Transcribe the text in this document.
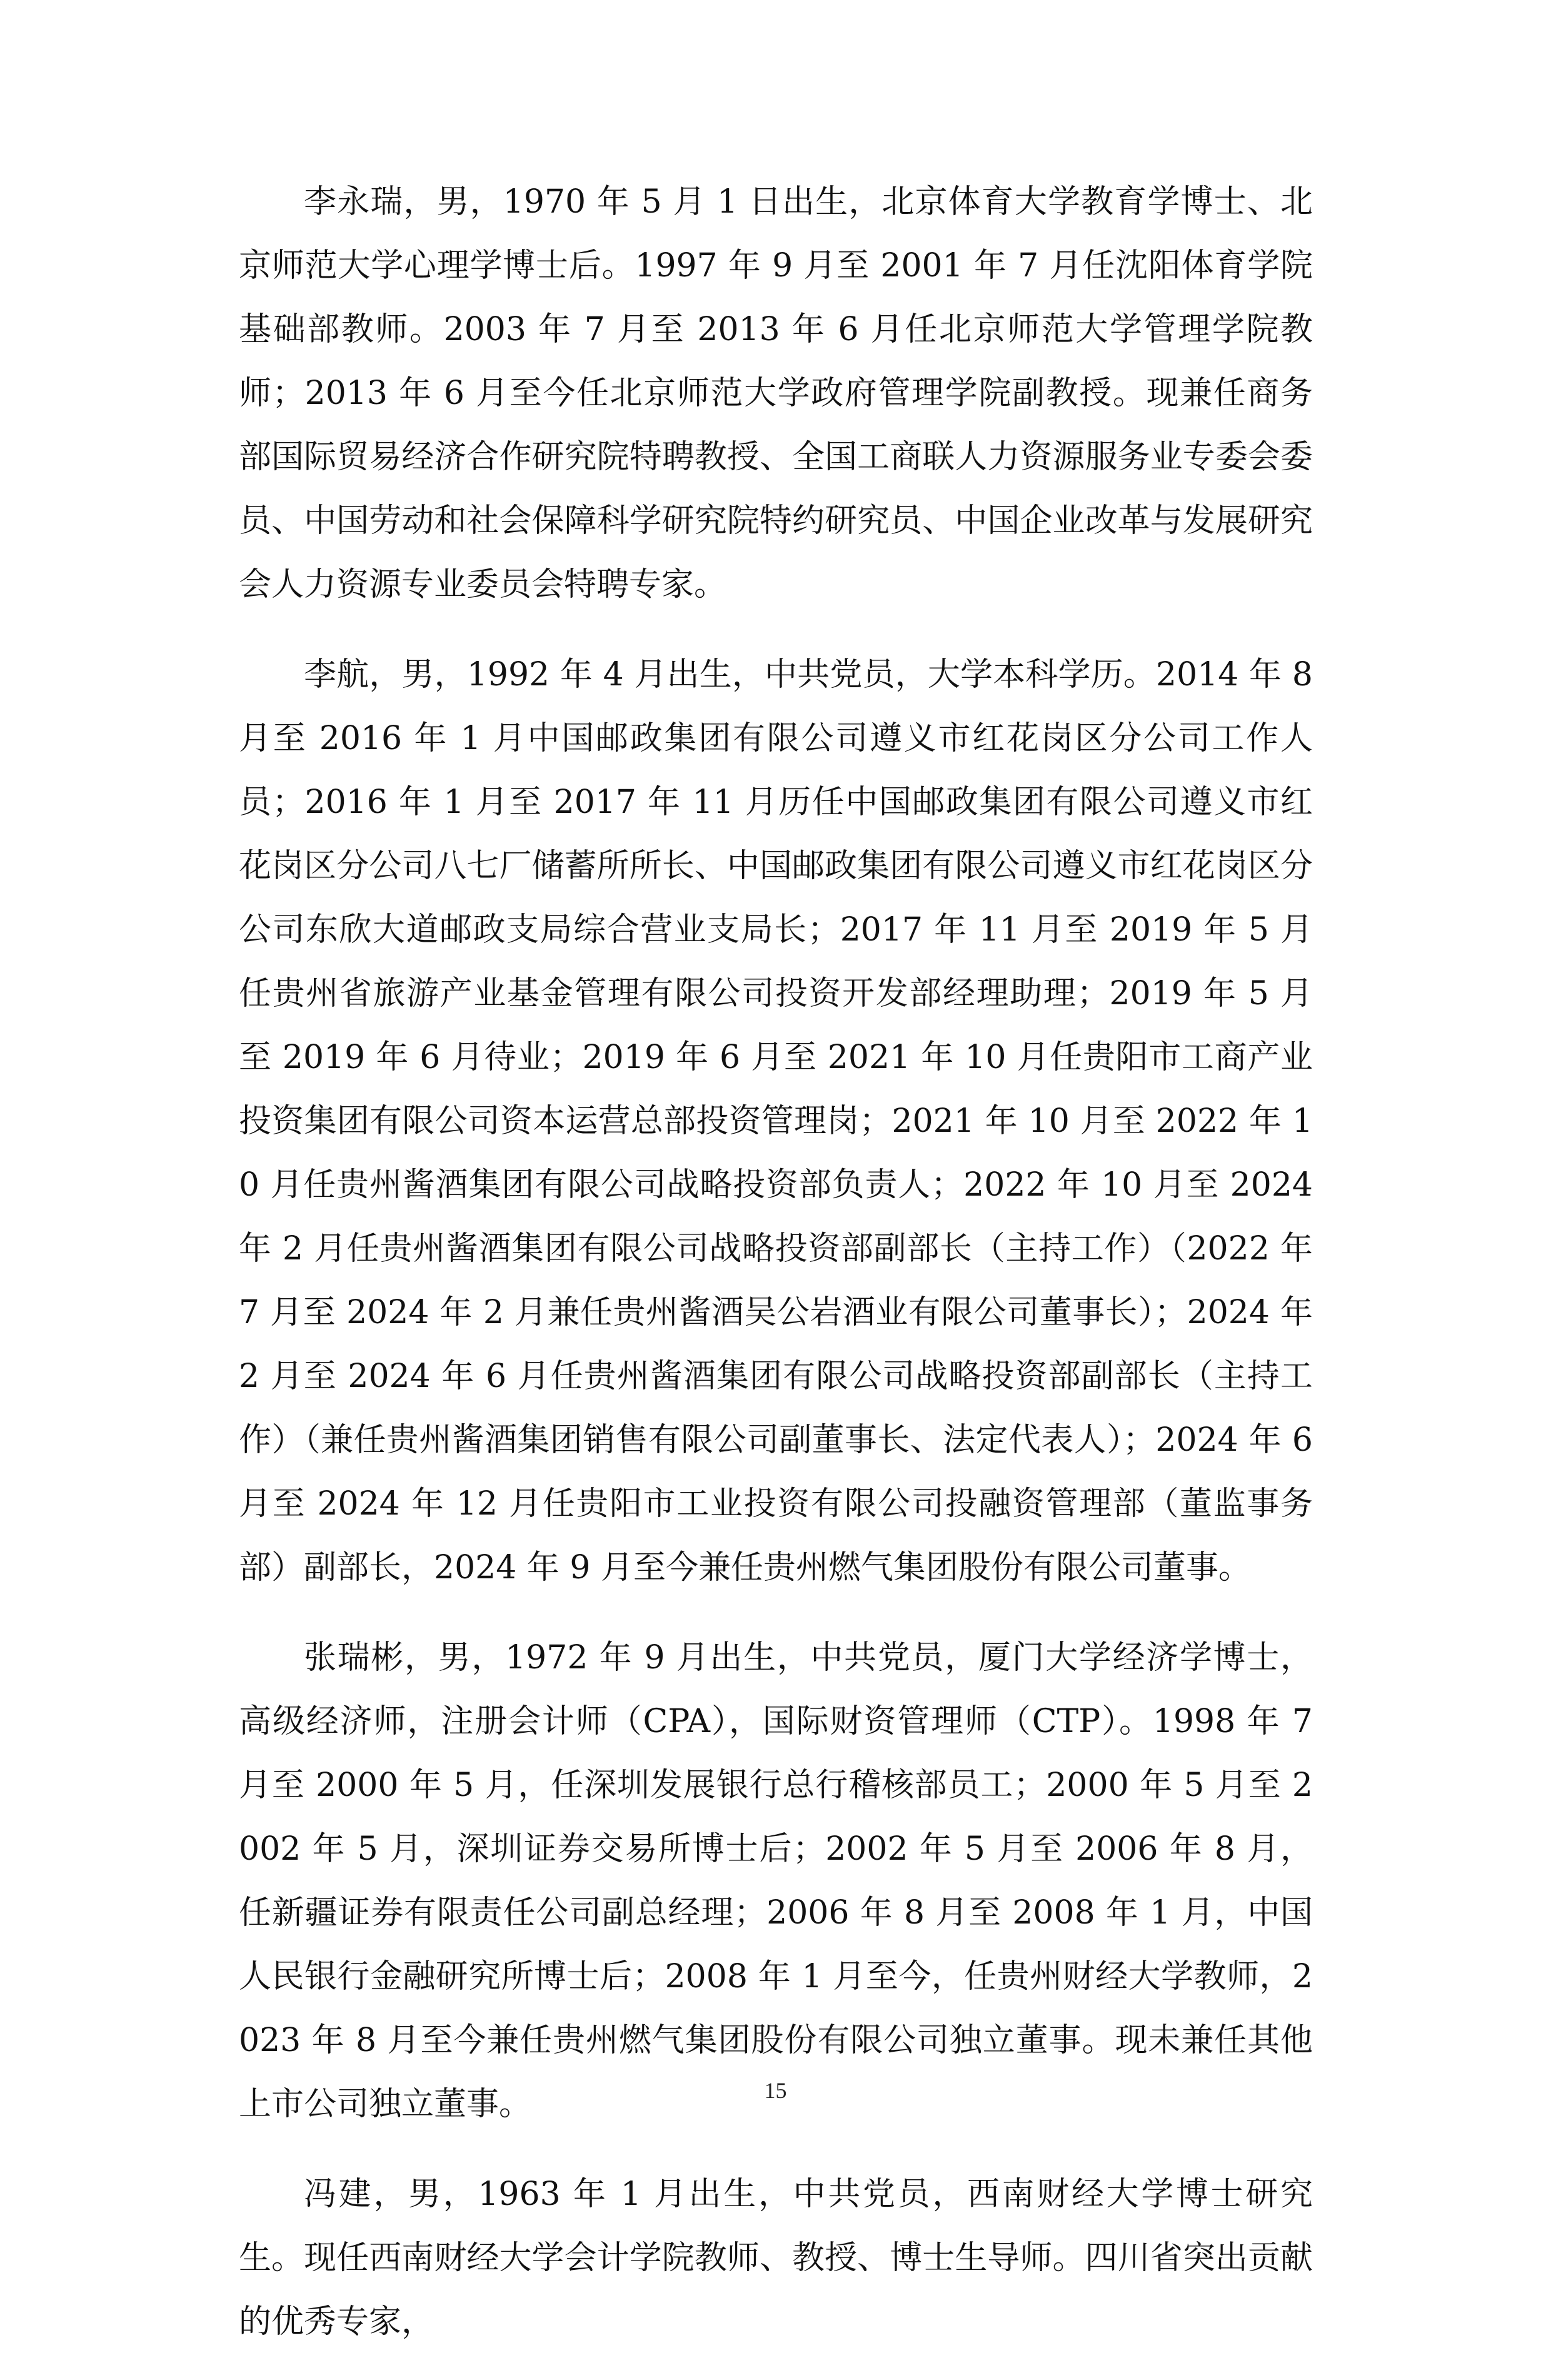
李永瑞，男，1970 年 5 月 1 日出生，北京体育大学教育学博士、北京师范大学心理学博士后。1997 年 9 月至 2001 年 7 月任沈阳体育学院基础部教师。2003 年 7 月至 2013 年 6 月任北京师范大学管理学院教师；2013 年 6 月至今任北京师范大学政府管理学院副教授。现兼任商务部国际贸易经济合作研究院特聘教授、全国工商联人力资源服务业专委会委员、中国劳动和社会保障科学研究院特约研究员、中国企业改革与发展研究会人力资源专业委员会特聘专家。

李航，男，1992 年 4 月出生，中共党员，大学本科学历。2014 年 8 月至 2016 年 1 月中国邮政集团有限公司遵义市红花岗区分公司工作人员；2016 年 1 月至 2017 年 11 月历任中国邮政集团有限公司遵义市红花岗区分公司八七厂储蓄所所长、中国邮政集团有限公司遵义市红花岗区分公司东欣大道邮政支局综合营业支局长；2017 年 11 月至 2019 年 5 月任贵州省旅游产业基金管理有限公司投资开发部经理助理；2019 年 5 月至 2019 年 6 月待业；2019 年 6 月至 2021 年 10 月任贵阳市工商产业投资集团有限公司资本运营总部投资管理岗；2021 年 10 月至 2022 年 10 月任贵州酱酒集团有限公司战略投资部负责人；2022 年 10 月至 2024 年 2 月任贵州酱酒集团有限公司战略投资部副部长（主持工作）（2022 年 7 月至 2024 年 2 月兼任贵州酱酒吴公岩酒业有限公司董事长）；2024 年 2 月至 2024 年 6 月任贵州酱酒集团有限公司战略投资部副部长（主持工作）（兼任贵州酱酒集团销售有限公司副董事长、法定代表人）；2024 年 6 月至 2024 年 12 月任贵阳市工业投资有限公司投融资管理部（董监事务部）副部长，2024 年 9 月至今兼任贵州燃气集团股份有限公司董事。

张瑞彬，男，1972 年 9 月出生，中共党员，厦门大学经济学博士，高级经济师，注册会计师（CPA），国际财资管理师（CTP）。1998 年 7 月至 2000 年 5 月，任深圳发展银行总行稽核部员工；2000 年 5 月至 2002 年 5 月，深圳证券交易所博士后；2002 年 5 月至 2006 年 8 月，任新疆证券有限责任公司副总经理；2006 年 8 月至 2008 年 1 月，中国人民银行金融研究所博士后；2008 年 1 月至今，任贵州财经大学教师，2023 年 8 月至今兼任贵州燃气集团股份有限公司独立董事。现未兼任其他上市公司独立董事。

冯建，男，1963 年 1 月出生，中共党员，西南财经大学博士研究生。现任西南财经大学会计学院教师、教授、博士生导师。四川省突出贡献的优秀专家，

15
